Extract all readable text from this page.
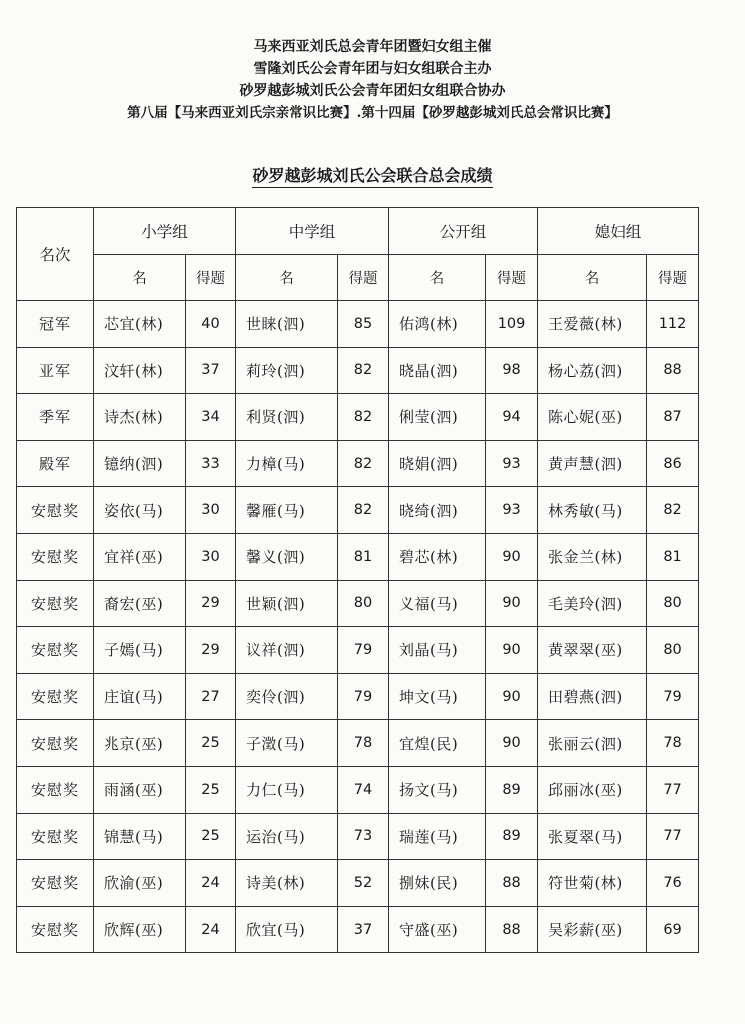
马来西亚刘氏总会青年团暨妇女组主催
雪隆刘氏公会青年团与妇女组联合主办
砂罗越彭城刘氏公会青年团妇女组联合协办
第八届【马来西亚刘氏宗亲常识比赛】.第十四届【砂罗越彭城刘氏总会常识比赛】
砂罗越彭城刘氏公会联合总会成绩
名次	小学组		中学组		公开组		媳妇组	
	名	得题	名	得题	名	得题	名	得题
冠军	芯宜(林)	40	世睐(泗)	85	佑鸿(林)	109	王爱薇(林)	112
亚军	汶轩(林)	37	莉玲(泗)	82	晓晶(泗)	98	杨心荔(泗)	88
季军	诗杰(林)	34	利贤(泗)	82	俐莹(泗)	94	陈心妮(巫)	87
殿军	镱纳(泗)	33	力樟(马)	82	晓娟(泗)	93	黄声慧(泗)	86
安慰奖	姿依(马)	30	馨雁(马)	82	晓绮(泗)	93	林秀敏(马)	82
安慰奖	宜祥(巫)	30	馨义(泗)	81	碧芯(林)	90	张金兰(林)	81
安慰奖	裔宏(巫)	29	世颖(泗)	80	义福(马)	90	毛美玲(泗)	80
安慰奖	子嫣(马)	29	议祥(泗)	79	刘晶(马)	90	黄翠翠(巫)	80
安慰奖	庄谊(马)	27	奕伶(泗)	79	坤文(马)	90	田碧燕(泗)	79
安慰奖	兆京(巫)	25	子澂(马)	78	宜煌(民)	90	张丽云(泗)	78
安慰奖	雨涵(巫)	25	力仁(马)	74	扬文(马)	89	邱丽冰(巫)	77
安慰奖	锦慧(马)	25	运治(马)	73	瑞莲(马)	89	张夏翠(马)	77
安慰奖	欣渝(巫)	24	诗美(林)	52	捌妹(民)	88	符世菊(林)	76
安慰奖	欣辉(巫)	24	欣宜(马)	37	守盛(巫)	88	吴彩薪(巫)	69
